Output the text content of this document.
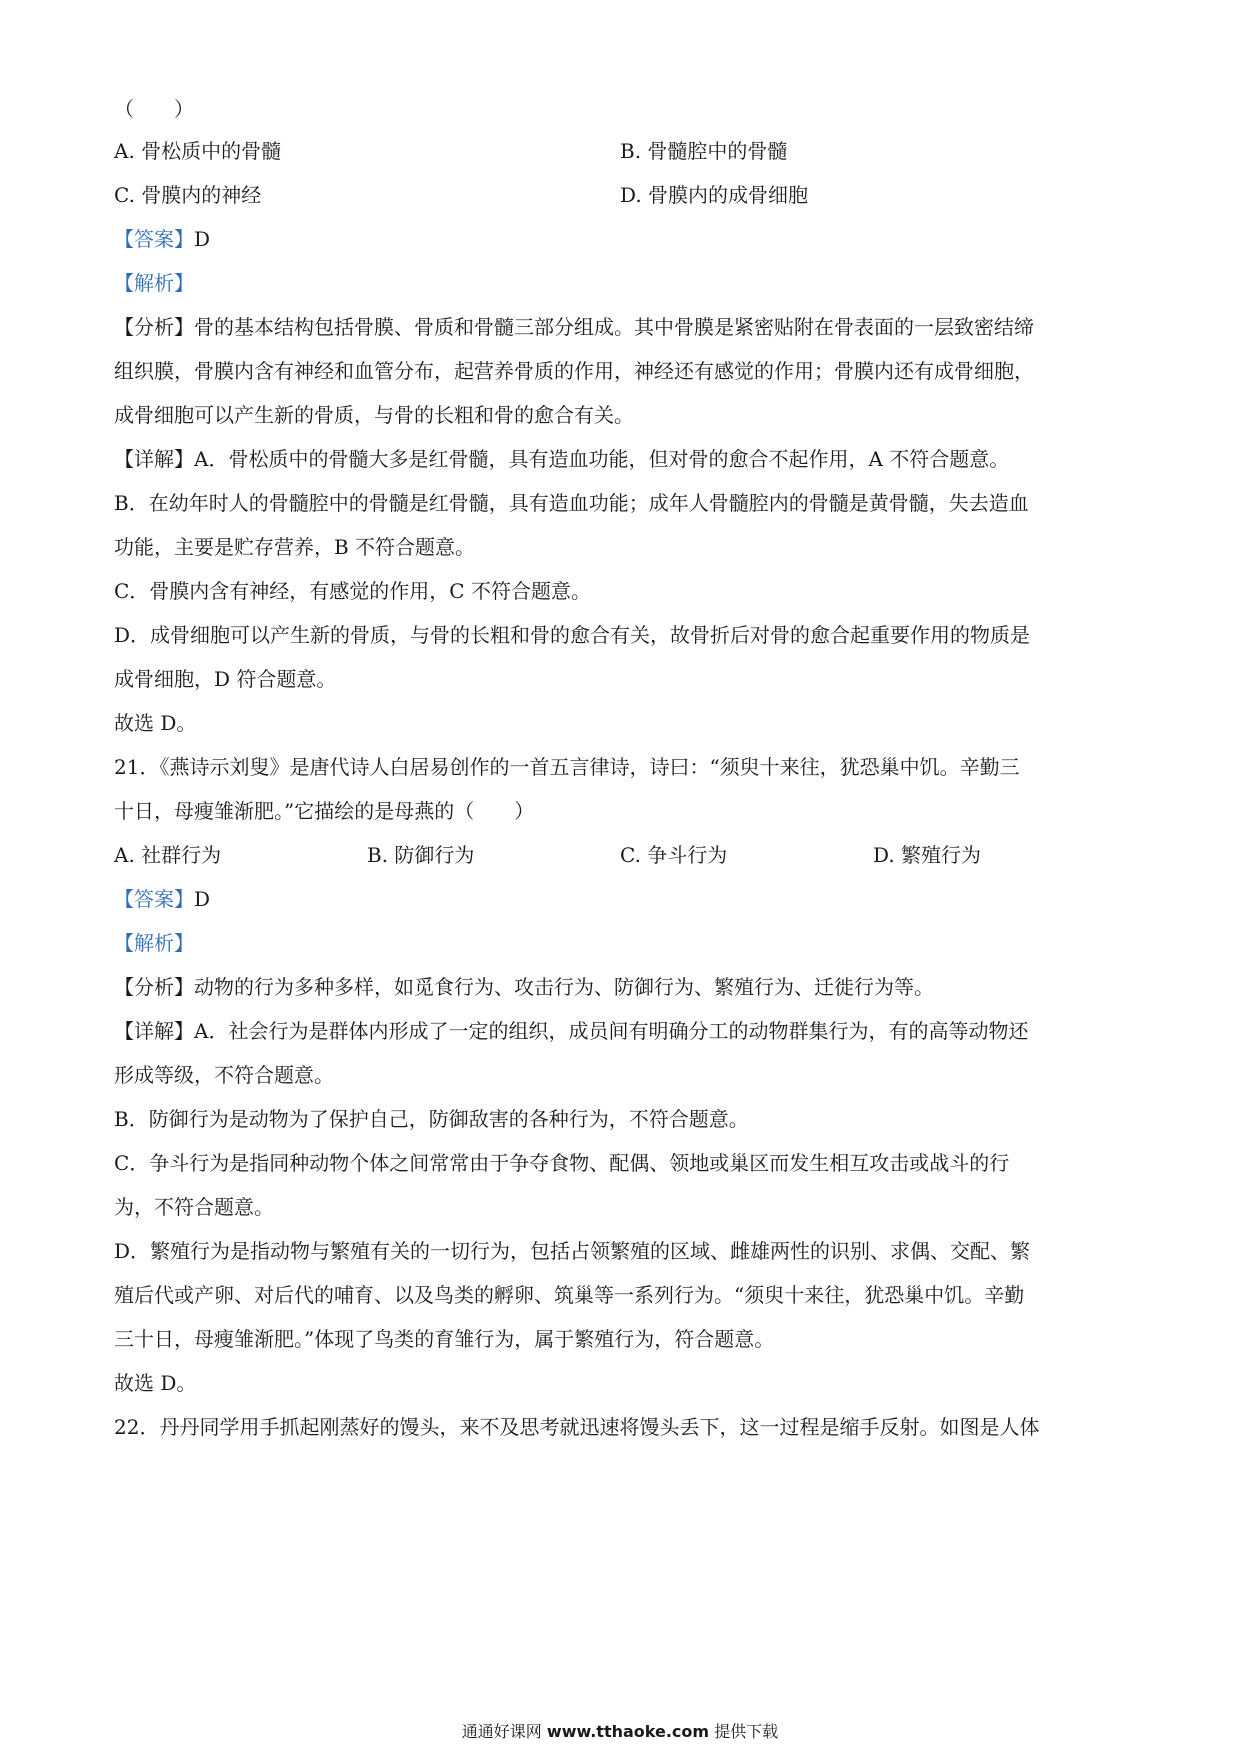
（　　）
A. 骨松质中的骨髓	B. 骨髓腔中的骨髓
C. 骨膜内的神经	D. 骨膜内的成骨细胞
【答案】D
【解析】
【分析】骨的基本结构包括骨膜、骨质和骨髓三部分组成。其中骨膜是紧密贴附在骨表面的一层致密结缔
组织膜，骨膜内含有神经和血管分布，起营养骨质的作用，神经还有感觉的作用；骨膜内还有成骨细胞，
成骨细胞可以产生新的骨质，与骨的长粗和骨的愈合有关。
【详解】A．骨松质中的骨髓大多是红骨髓，具有造血功能，但对骨的愈合不起作用，A 不符合题意。
B．在幼年时人的骨髓腔中的骨髓是红骨髓，具有造血功能；成年人骨髓腔内的骨髓是黄骨髓，失去造血
功能，主要是贮存营养，B 不符合题意。
C．骨膜内含有神经，有感觉的作用，C 不符合题意。
D．成骨细胞可以产生新的骨质，与骨的长粗和骨的愈合有关，故骨折后对骨的愈合起重要作用的物质是
成骨细胞，D 符合题意。
故选 D。
21．《燕诗示刘叟》是唐代诗人白居易创作的一首五言律诗，诗曰：“须臾十来往，犹恐巢中饥。辛勤三
十日，母瘦雏渐肥。”它描绘的是母燕的（　　）
A. 社群行为	B. 防御行为	C. 争斗行为	D. 繁殖行为
【答案】D
【解析】
【分析】动物的行为多种多样，如觅食行为、攻击行为、防御行为、繁殖行为、迁徙行为等。
【详解】A．社会行为是群体内形成了一定的组织，成员间有明确分工的动物群集行为，有的高等动物还
形成等级，不符合题意。
B．防御行为是动物为了保护自己，防御敌害的各种行为，不符合题意。
C．争斗行为是指同种动物个体之间常常由于争夺食物、配偶、领地或巢区而发生相互攻击或战斗的行
为，不符合题意。
D．繁殖行为是指动物与繁殖有关的一切行为，包括占领繁殖的区域、雌雄两性的识别、求偶、交配、繁
殖后代或产卵、对后代的哺育、以及鸟类的孵卵、筑巢等一系列行为。“须臾十来往，犹恐巢中饥。辛勤
三十日，母瘦雏渐肥。”体现了鸟类的育雏行为，属于繁殖行为，符合题意。
故选 D。
22．丹丹同学用手抓起刚蒸好的馒头，来不及思考就迅速将馒头丢下，这一过程是缩手反射。如图是人体
通通好课网 www.tthaoke.com 提供下载
